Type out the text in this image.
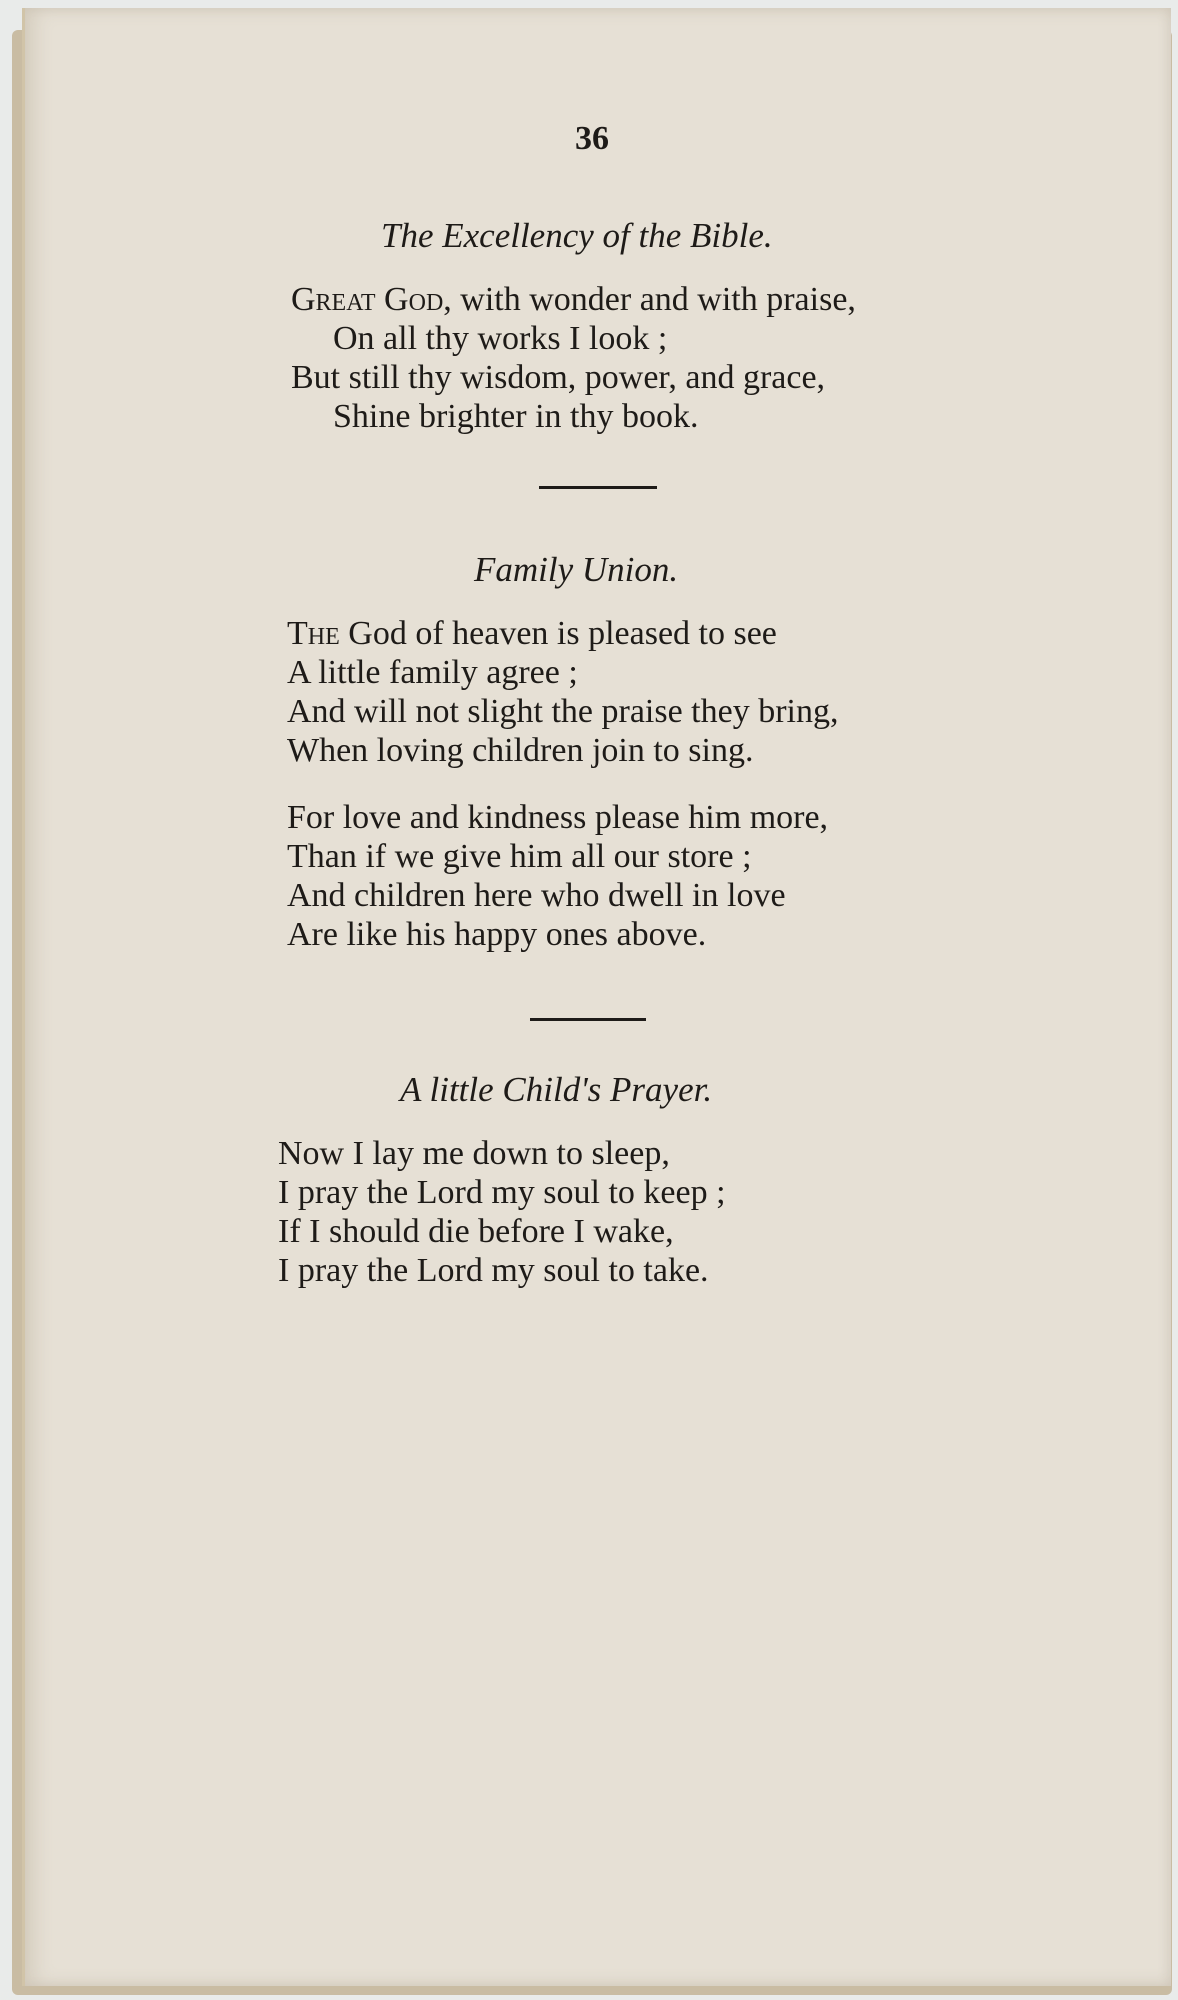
36
The Excellency of the Bible.
Great God, with wonder and with praise,
On all thy works I look ;
But still thy wisdom, power, and grace,
Shine brighter in thy book.
Family Union.
The God of heaven is pleased to see
A little family agree ;
And will not slight the praise they bring,
When loving children join to sing.
For love and kindness please him more,
Than if we give him all our store ;
And children here who dwell in love
Are like his happy ones above.
A little Child's Prayer.
Now I lay me down to sleep,
I pray the Lord my soul to keep ;
If I should die before I wake,
I pray the Lord my soul to take.
